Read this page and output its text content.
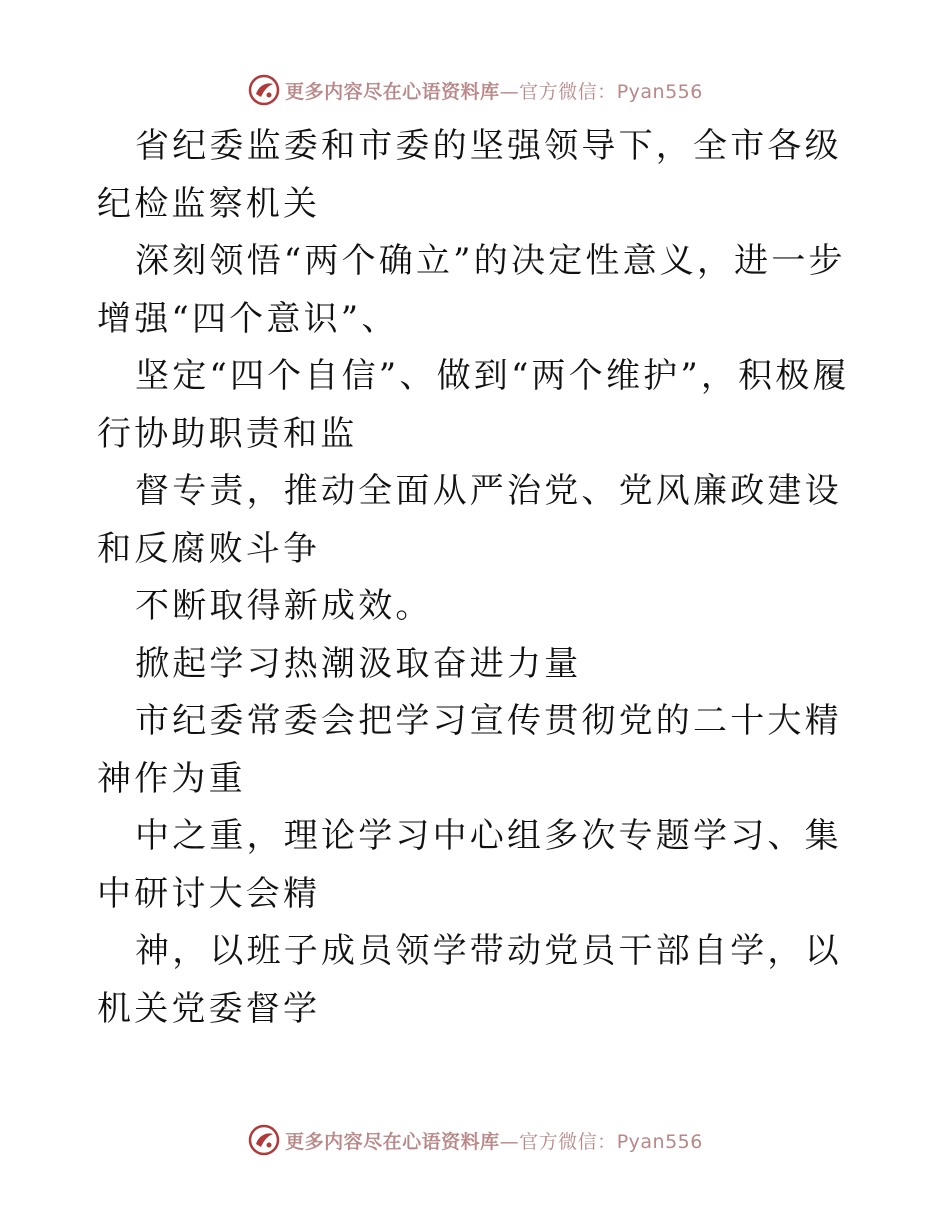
更多内容尽在心语资料库—官方微信：Pyan556

省纪委监委和市委的坚强领导下，全市各级纪检监察机关

深刻领悟“两个确立”的决定性意义，进一步增强“四个意识”、

坚定“四个自信”、做到“两个维护”，积极履行协助职责和监

督专责，推动全面从严治党、党风廉政建设和反腐败斗争

不断取得新成效。

掀起学习热潮汲取奋进力量

市纪委常委会把学习宣传贯彻党的二十大精神作为重

中之重，理论学习中心组多次专题学习、集中研讨大会精

神，以班子成员领学带动党员干部自学，以机关党委督学

更多内容尽在心语资料库—官方微信：Pyan556
